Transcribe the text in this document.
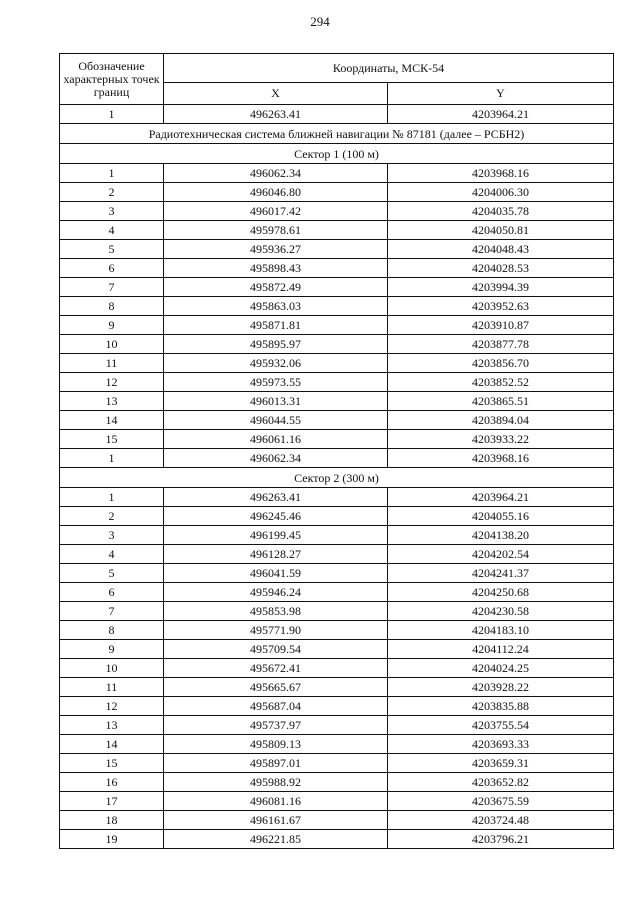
294
Обозначение характерных точек границ	Координаты, МСК-54	
	X	Y
1	496263.41	4203964.21
Радиотехническая система ближней навигации № 87181 (далее – РСБН2)		
Сектор 1 (100 м)		
1	496062.34	4203968.16
2	496046.80	4204006.30
3	496017.42	4204035.78
4	495978.61	4204050.81
5	495936.27	4204048.43
6	495898.43	4204028.53
7	495872.49	4203994.39
8	495863.03	4203952.63
9	495871.81	4203910.87
10	495895.97	4203877.78
11	495932.06	4203856.70
12	495973.55	4203852.52
13	496013.31	4203865.51
14	496044.55	4203894.04
15	496061.16	4203933.22
1	496062.34	4203968.16
Сектор 2 (300 м)		
1	496263.41	4203964.21
2	496245.46	4204055.16
3	496199.45	4204138.20
4	496128.27	4204202.54
5	496041.59	4204241.37
6	495946.24	4204250.68
7	495853.98	4204230.58
8	495771.90	4204183.10
9	495709.54	4204112.24
10	495672.41	4204024.25
11	495665.67	4203928.22
12	495687.04	4203835.88
13	495737.97	4203755.54
14	495809.13	4203693.33
15	495897.01	4203659.31
16	495988.92	4203652.82
17	496081.16	4203675.59
18	496161.67	4203724.48
19	496221.85	4203796.21
